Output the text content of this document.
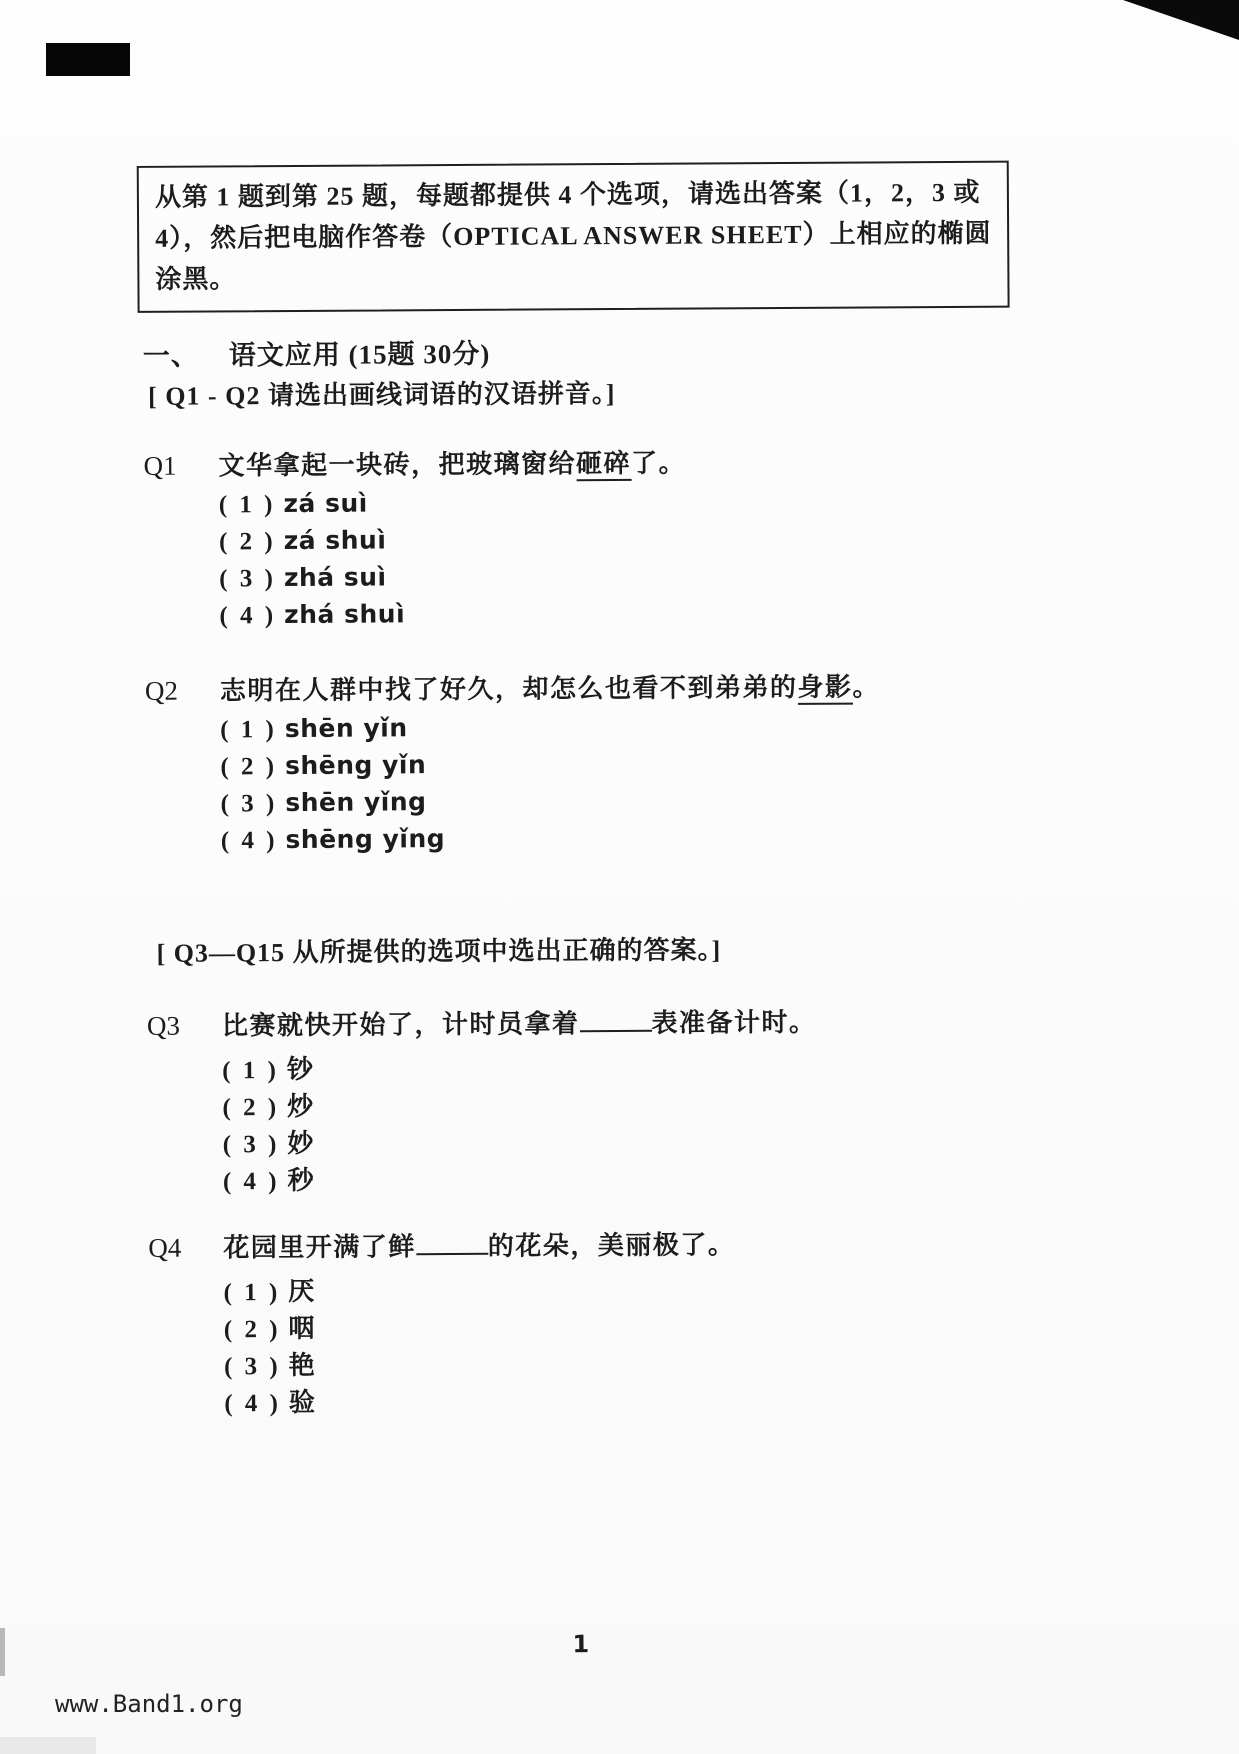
从第 1 题到第 25 题，每题都提供 4 个选项，请选出答案（1，2，3 或
4），然后把电脑作答卷（OPTICAL ANSWER SHEET）上相应的椭圆
涂黑。
一、 语文应用 (15题 30分)
[ Q1 - Q2 请选出画线词语的汉语拼音。]
Q1	文华拿起一块砖，把玻璃窗给砸碎了。
( 1 ) zá suì
( 2 ) zá shuì
( 3 ) zhá suì
( 4 ) zhá shuì
Q2	志明在人群中找了好久，却怎么也看不到弟弟的身影。
( 1 ) shēn yǐn
( 2 ) shēng yǐn
( 3 ) shēn yǐng
( 4 ) shēng yǐng
[ Q3—Q15 从所提供的选项中选出正确的答案。]
Q3	比赛就快开始了，计时员拿着	表准备计时。
( 1 ) 钞
( 2 ) 炒
( 3 ) 妙
( 4 ) 秒
Q4	花园里开满了鲜	的花朵，美丽极了。
( 1 ) 厌
( 2 ) 咽
( 3 ) 艳
( 4 ) 验
1
www.Band1.org
